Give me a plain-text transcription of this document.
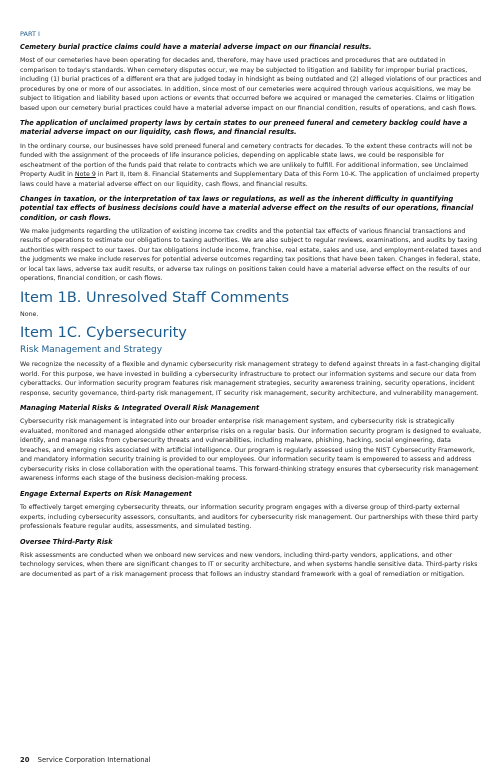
PART I
Cemetery burial practice claims could have a material adverse impact on our financial results.

Most of our cemeteries have been operating for decades and, therefore, may have used practices and procedures that are outdated in comparison to today's standards. When cemetery disputes occur, we may be subjected to litigation and liability for improper burial practices, including (1) burial practices of a different era that are judged today in hindsight as being outdated and (2) alleged violations of our practices and procedures by one or more of our associates. In addition, since most of our cemeteries were acquired through various acquisitions, we may be subject to litigation and liability based upon actions or events that occurred before we acquired or managed the cemeteries. Claims or litigation based upon our cemetery burial practices could have a material adverse impact on our financial condition, results of operations, and cash flows.

The application of unclaimed property laws by certain states to our preneed funeral and cemetery backlog could have a material adverse impact on our liquidity, cash flows, and financial results.

In the ordinary course, our businesses have sold preneed funeral and cemetery contracts for decades. To the extent these contracts will not be funded with the assignment of the proceeds of life insurance policies, depending on applicable state laws, we could be responsible for escheatment of the portion of the funds paid that relate to contracts which we are unlikely to fulfill. For additional information, see Unclaimed Property Audit in Note 9 in Part II, Item 8. Financial Statements and Supplementary Data of this Form 10-K. The application of unclaimed property laws could have a material adverse effect on our liquidity, cash flows, and financial results.

Changes in taxation, or the interpretation of tax laws or regulations, as well as the inherent difficulty in quantifying potential tax effects of business decisions could have a material adverse effect on the results of our operations, financial condition, or cash flows.

We make judgments regarding the utilization of existing income tax credits and the potential tax effects of various financial transactions and results of operations to estimate our obligations to taxing authorities. We are also subject to regular reviews, examinations, and audits by taxing authorities with respect to our taxes. Our tax obligations include income, franchise, real estate, sales and use, and employment-related taxes and the judgments we make include reserves for potential adverse outcomes regarding tax positions that have been taken. Changes in federal, state, or local tax laws, adverse tax audit results, or adverse tax rulings on positions taken could have a material adverse effect on the results of our operations, financial condition, or cash flows.

Item 1B. Unresolved Staff Comments

None.

Item 1C. Cybersecurity
Risk Management and Strategy

We recognize the necessity of a flexible and dynamic cybersecurity risk management strategy to defend against threats in a fast-changing digital world. For this purpose, we have invested in building a cybersecurity infrastructure to protect our information systems and secure our data from cyberattacks. Our information security program features risk management strategies, security awareness training, security operations, incident response, security governance, third-party risk management, IT security risk management, security architecture, and vulnerability management.

Managing Material Risks & Integrated Overall Risk Management

Cybersecurity risk management is integrated into our broader enterprise risk management system, and cybersecurity risk is strategically evaluated, monitored and managed alongside other enterprise risks on a regular basis. Our information security program is designed to evaluate, identify, and manage risks from cybersecurity threats and vulnerabilities, including malware, phishing, hacking, social engineering, data breaches, and emerging risks associated with artificial intelligence. Our program is regularly assessed using the NIST Cybersecurity Framework, and mandatory information security training is provided to our employees. Our information security team is empowered to assess and address cybersecurity risks in close collaboration with the operational teams. This forward-thinking strategy ensures that cybersecurity risk management awareness informs each stage of the business decision-making process.

Engage External Experts on Risk Management

To effectively target emerging cybersecurity threats, our information security program engages with a diverse group of third-party external experts, including cybersecurity assessors, consultants, and auditors for cybersecurity risk management. Our partnerships with these third party professionals feature regular audits, assessments, and simulated testing.

Oversee Third-Party Risk

Risk assessments are conducted when we onboard new services and new vendors, including third-party vendors, applications, and other technology services, when there are significant changes to IT or security architecture, and when systems handle sensitive data. Third-party risks are documented as part of a risk management process that follows an industry standard framework with a goal of remediation or mitigation.

20 Service Corporation International
